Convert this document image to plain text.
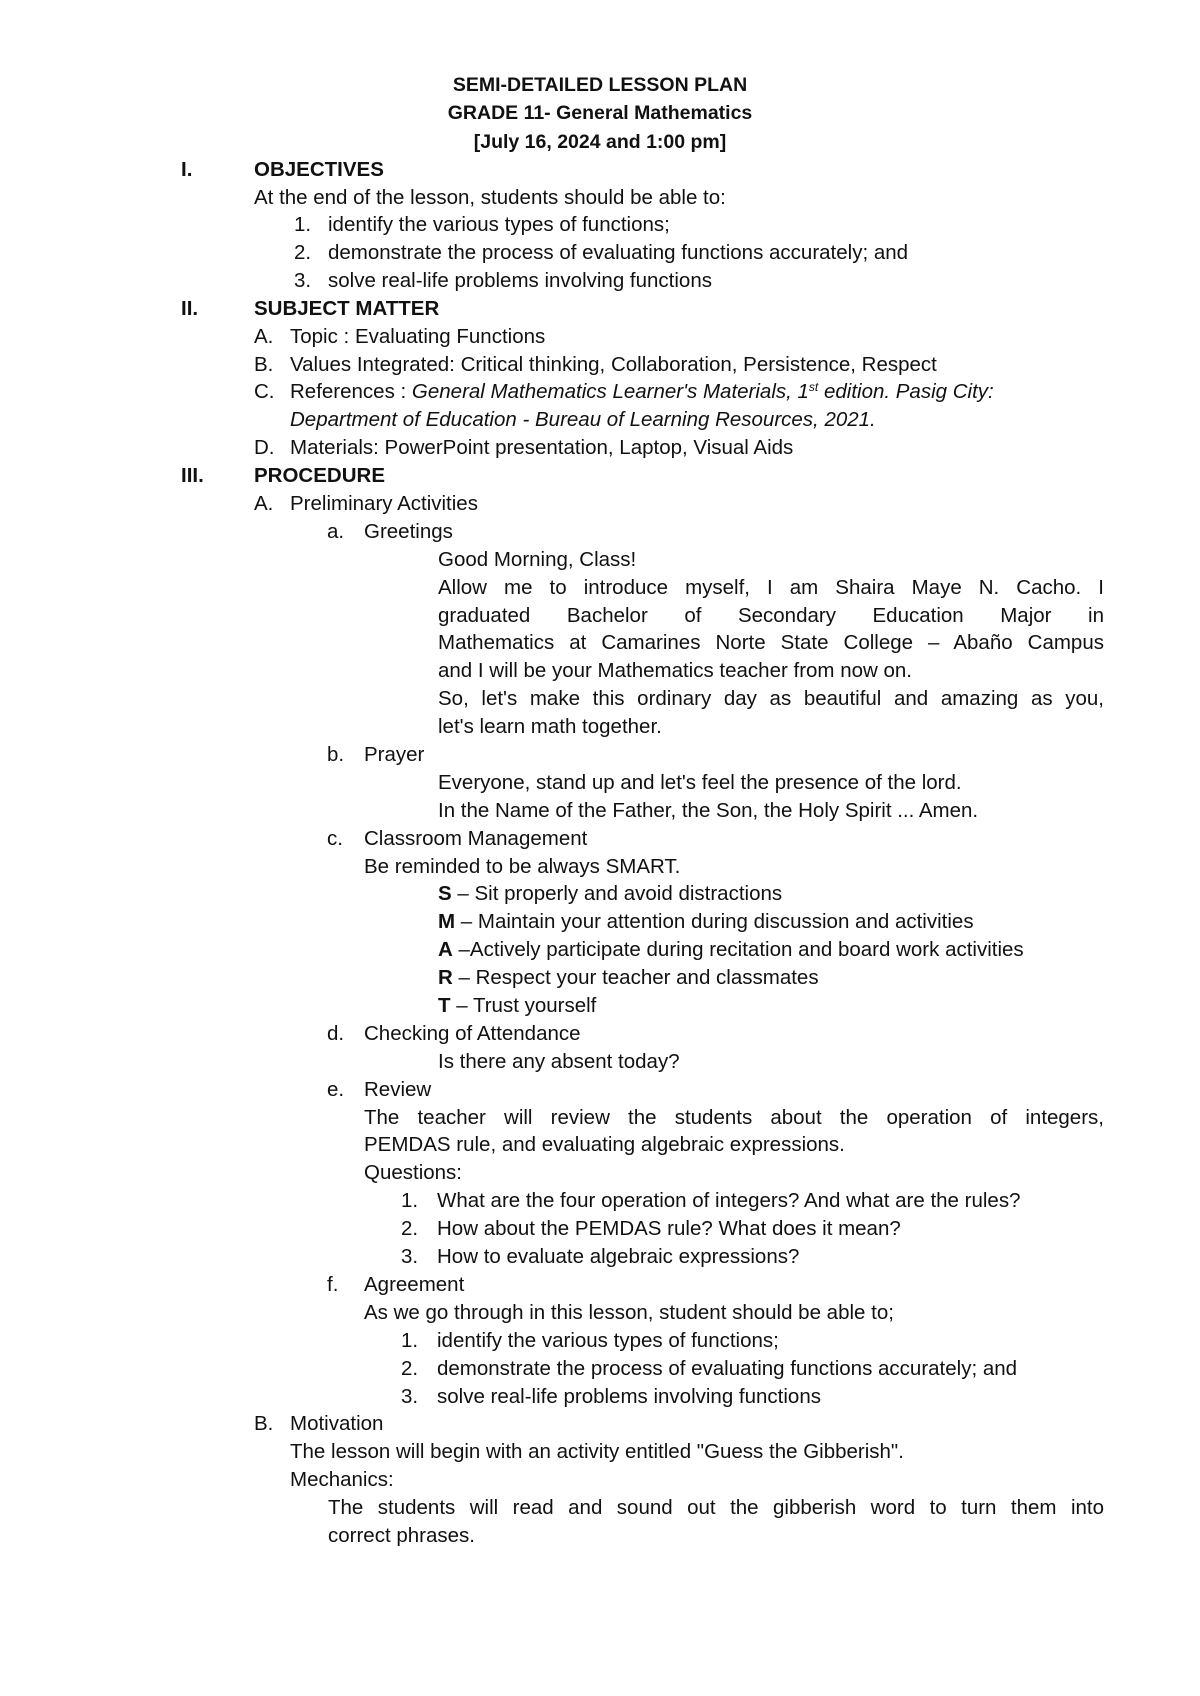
SEMI-DETAILED LESSON PLAN
GRADE 11- General Mathematics
[July 16, 2024 and 1:00 pm]
I.	OBJECTIVES
At the end of the lesson, students should be able to:
1. identify the various types of functions;
2. demonstrate the process of evaluating functions accurately; and
3. solve real-life problems involving functions
II.	SUBJECT MATTER
A. Topic : Evaluating Functions
B. Values Integrated: Critical thinking, Collaboration, Persistence, Respect
C. References : General Mathematics Learner's Materials, 1st edition. Pasig City:
Department of Education - Bureau of Learning Resources, 2021.
D. Materials: PowerPoint presentation, Laptop, Visual Aids
III. PROCEDURE
A. Preliminary Activities
a. Greetings
Good Morning, Class!
Allow me to introduce myself, I am Shaira Maye N. Cacho. I
graduated Bachelor of Secondary Education Major in
Mathematics at Camarines Norte State College – Abaño Campus
and I will be your Mathematics teacher from now on.
So, let's make this ordinary day as beautiful and amazing as you,
let's learn math together.
b. Prayer
Everyone, stand up and let's feel the presence of the lord.
In the Name of the Father, the Son, the Holy Spirit ... Amen.
c. Classroom Management
Be reminded to be always SMART.
S – Sit properly and avoid distractions
M – Maintain your attention during discussion and activities
A –Actively participate during recitation and board work activities
R – Respect your teacher and classmates
T – Trust yourself
d. Checking of Attendance
Is there any absent today?
e. Review
The teacher will review the students about the operation of integers,
PEMDAS rule, and evaluating algebraic expressions.
Questions:
1. What are the four operation of integers? And what are the rules?
2. How about the PEMDAS rule? What does it mean?
3. How to evaluate algebraic expressions?
f. Agreement
As we go through in this lesson, student should be able to;
1. identify the various types of functions;
2. demonstrate the process of evaluating functions accurately; and
3. solve real-life problems involving functions
B. Motivation
The lesson will begin with an activity entitled "Guess the Gibberish".
Mechanics:
The students will read and sound out the gibberish word to turn them into
correct phrases.
